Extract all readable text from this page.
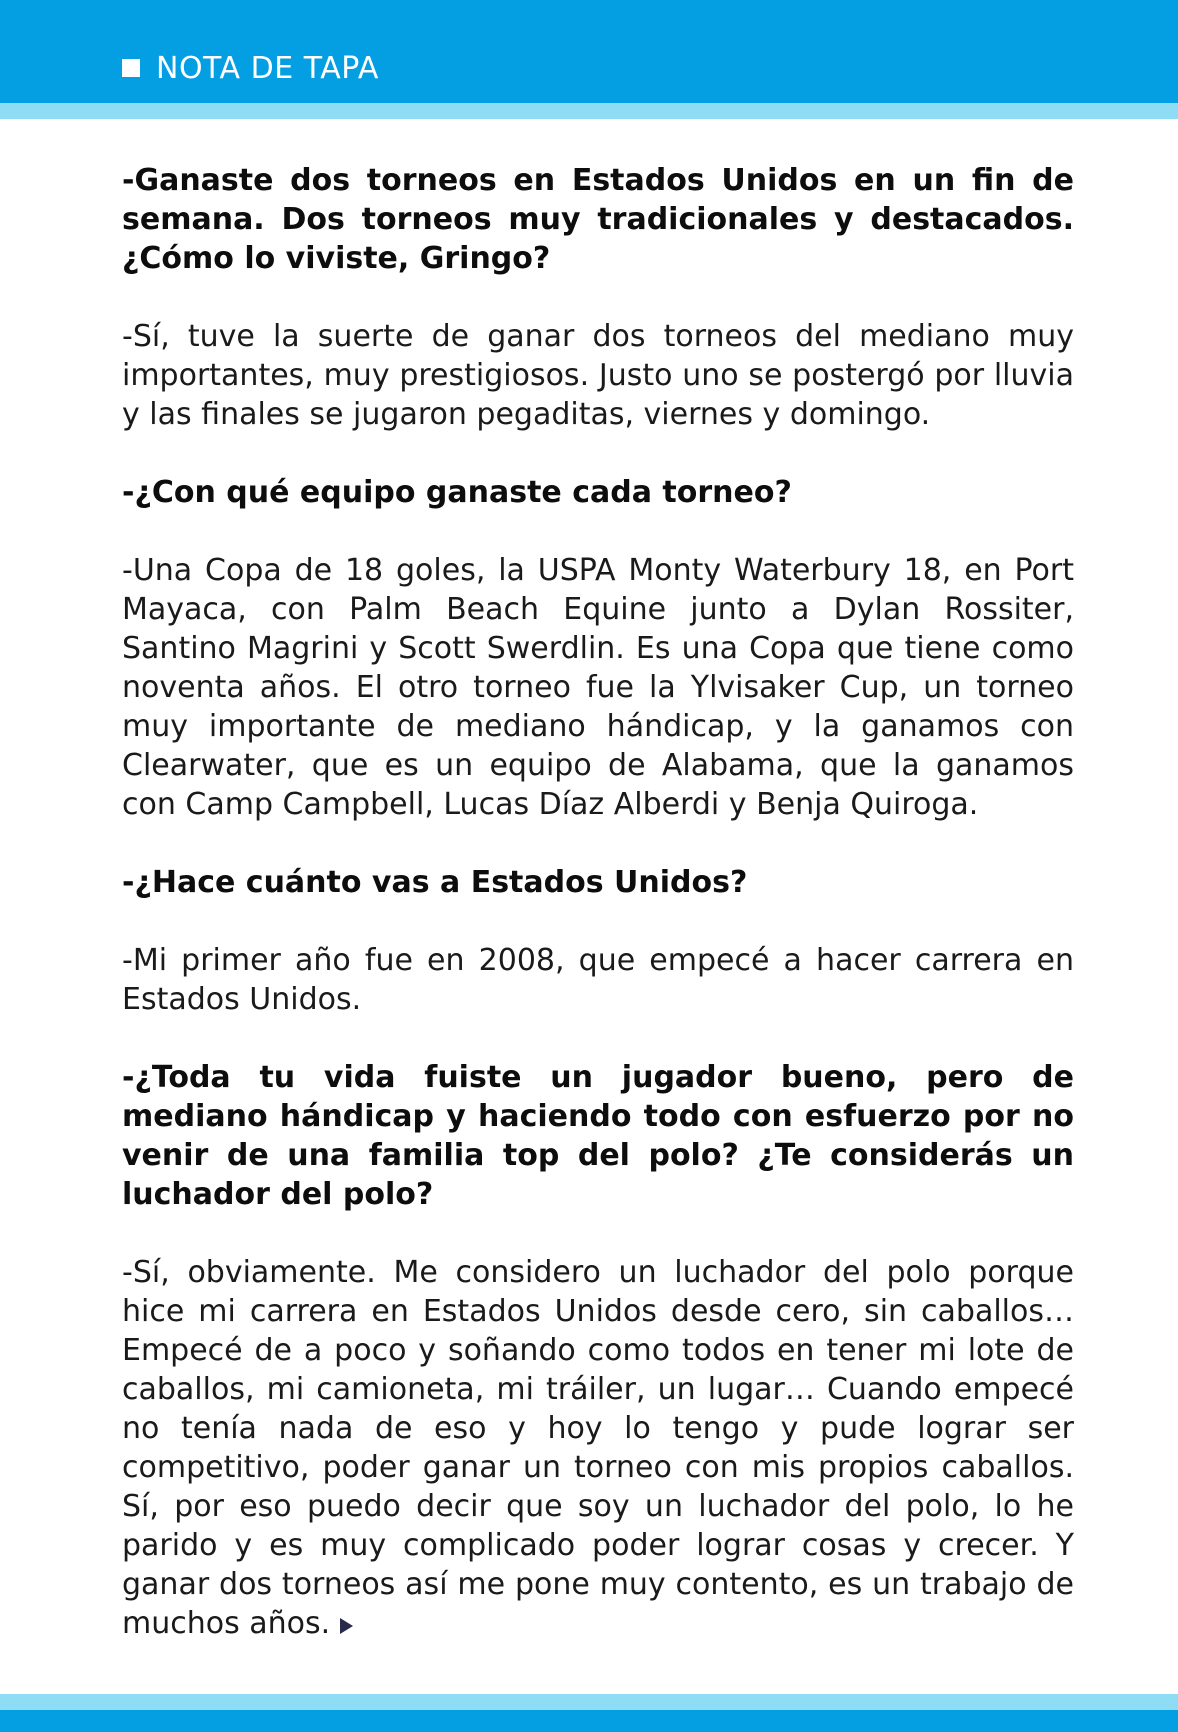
NOTA DE TAPA

-Ganaste dos torneos en Estados Unidos en un fin de semana. Dos torneos muy tradicionales y destacados. ¿Cómo lo viviste, Gringo?

-Sí, tuve la suerte de ganar dos torneos del mediano muy importantes, muy prestigiosos. Justo uno se postergó por lluvia y las finales se jugaron pegaditas, viernes y domingo.

-¿Con qué equipo ganaste cada torneo?

-Una Copa de 18 goles, la USPA Monty Waterbury 18, en Port Mayaca, con Palm Beach Equine junto a Dylan Rossiter, Santino Magrini y Scott Swerdlin. Es una Copa que tiene como noventa años. El otro torneo fue la Ylvisaker Cup, un torneo muy importante de mediano hándicap, y la ganamos con Clearwater, que es un equipo de Alabama, que la ganamos con Camp Campbell, Lucas Díaz Alberdi y Benja Quiroga.

-¿Hace cuánto vas a Estados Unidos?

-Mi primer año fue en 2008, que empecé a hacer carrera en Estados Unidos.

-¿Toda tu vida fuiste un jugador bueno, pero de mediano hándicap y haciendo todo con esfuerzo por no venir de una familia top del polo? ¿Te considerás un luchador del polo?

-Sí, obviamente. Me considero un luchador del polo porque hice mi carrera en Estados Unidos desde cero, sin caballos… Empecé de a poco y soñando como todos en tener mi lote de caballos, mi camioneta, mi tráiler, un lugar… Cuando empecé no tenía nada de eso y hoy lo tengo y pude lograr ser competitivo, poder ganar un torneo con mis propios caballos. Sí, por eso puedo decir que soy un luchador del polo, lo he parido y es muy complicado poder lograr cosas y crecer. Y ganar dos torneos así me pone muy contento, es un trabajo de muchos años.
